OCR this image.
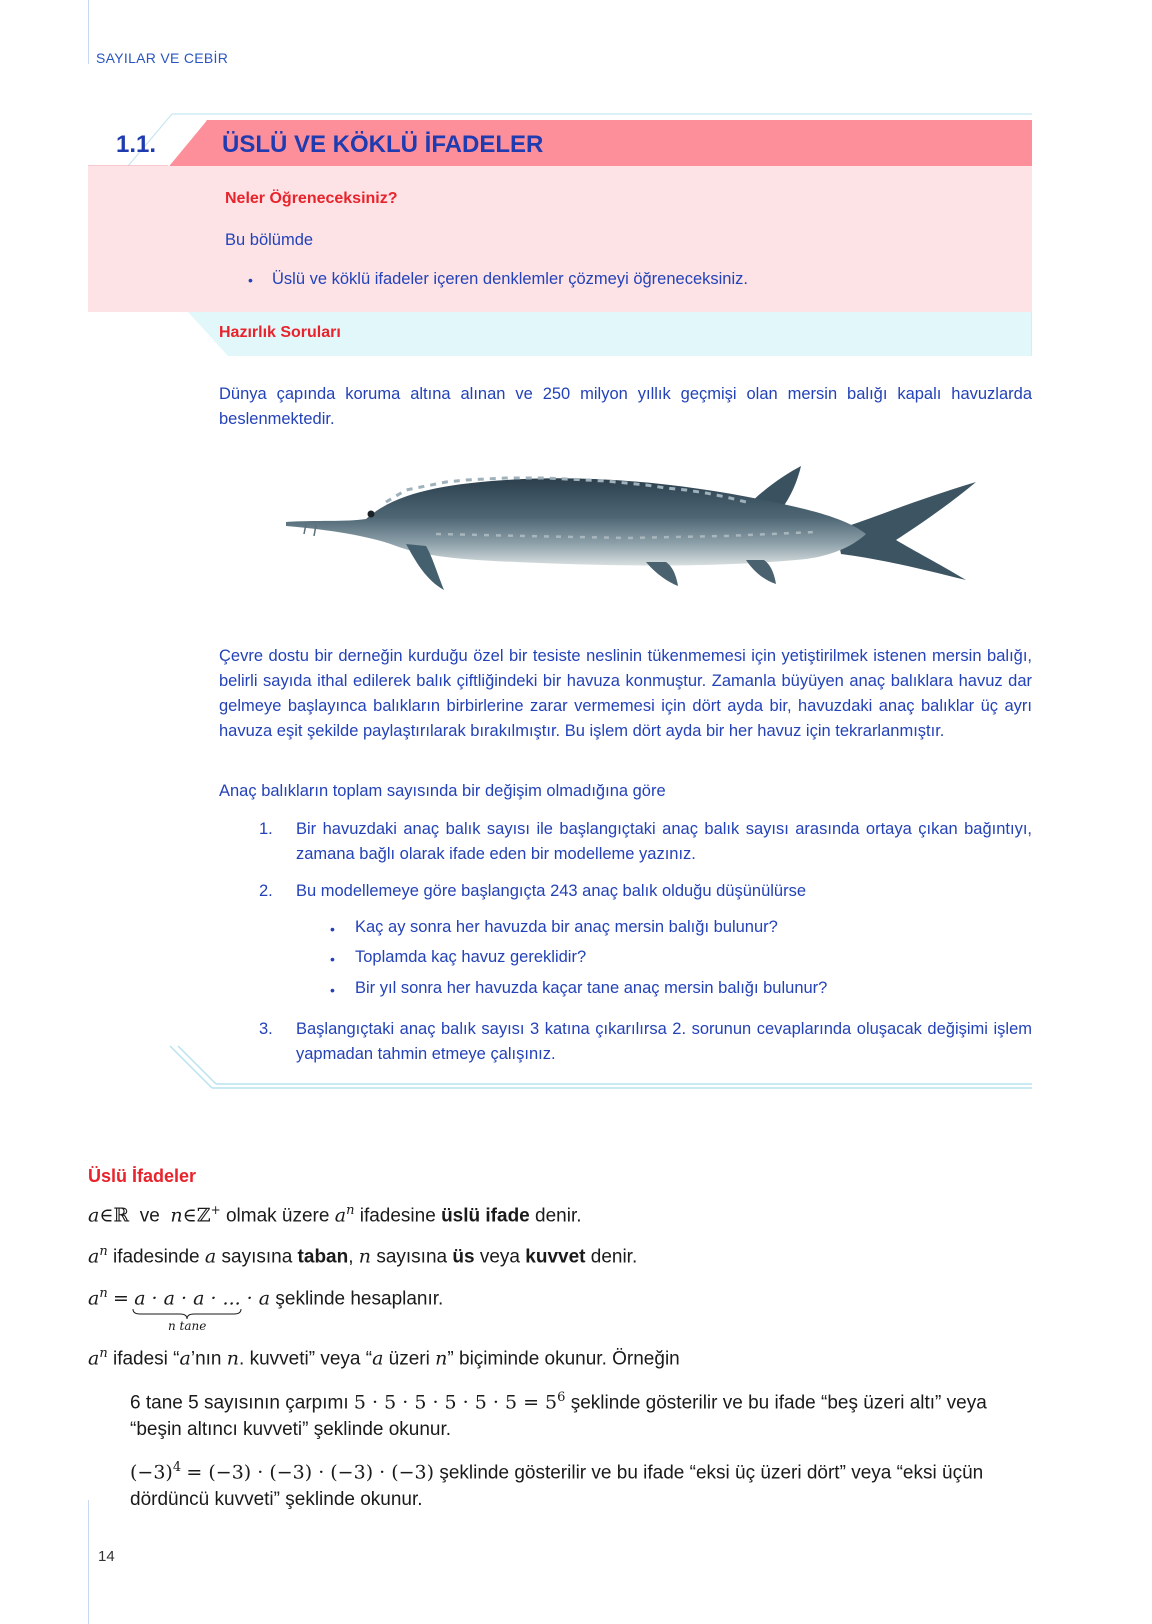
SAYILAR VE CEBİR
1.1.	ÜSLÜ VE KÖKLÜ İFADELER
Neler Öğreneceksiniz?
Bu bölümde
• Üslü ve köklü ifadeler içeren denklemler çözmeyi öğreneceksiniz.
Hazırlık Soruları
Dünya çapında koruma altına alınan ve 250 milyon yıllık geçmişi olan mersin balığı kapalı havuzlarda beslenmektedir.
Çevre dostu bir derneğin kurduğu özel bir tesiste neslinin tükenmemesi için yetiştirilmek istenen mersin balığı, belirli sayıda ithal edilerek balık çiftliğindeki bir havuza konmuştur. Zamanla büyüyen anaç balıklara havuz dar gelmeye başlayınca balıkların birbirlerine zarar vermemesi için dört ayda bir, havuzdaki anaç balıklar üç ayrı havuza eşit şekilde paylaştırılarak bırakılmıştır. Bu işlem dört ayda bir her havuz için tekrarlanmıştır.
Anaç balıkların toplam sayısında bir değişim olmadığına göre
1. Bir havuzdaki anaç balık sayısı ile başlangıçtaki anaç balık sayısı arasında ortaya çıkan bağıntıyı, zamana bağlı olarak ifade eden bir modelleme yazınız.
2. Bu modellemeye göre başlangıçta 243 anaç balık olduğu düşünülürse
• Kaç ay sonra her havuzda bir anaç mersin balığı bulunur?
• Toplamda kaç havuz gereklidir?
• Bir yıl sonra her havuzda kaçar tane anaç mersin balığı bulunur?
3. Başlangıçtaki anaç balık sayısı 3 katına çıkarılırsa 2. sorunun cevaplarında oluşacak değişimi işlem yapmadan tahmin etmeye çalışınız.
Üslü İfadeler
a∈ℝ ve n∈ℤ+ olmak üzere $a^n$ ifadesine üslü ifade denir.
$a^n$ ifadesinde a sayısına taban, n sayısına üs veya kuvvet denir.
$a^n = a \cdot a \cdot a$ · ... · a şeklinde hesaplanır.
n tane
$a^n$ ifadesi “a’nın n. kuvveti” veya “a üzeri n” biçiminde okunur. Örneğin
6 tane 5 sayısının çarpımı $5 \cdot 5 \cdot 5 \cdot 5 \cdot 5 \cdot 5 = 5^6$ şeklinde gösterilir ve bu ifade “beş üzeri altı” veya
“beşin altıncı kuvveti” şeklinde okunur.
$(-3)^4 = (-3) \cdot (-3) \cdot (-3) \cdot (-3)$ şeklinde gösterilir ve bu ifade “eksi üç üzeri dört” veya “eksi üçün
dördüncü kuvveti” şeklinde okunur.
14
